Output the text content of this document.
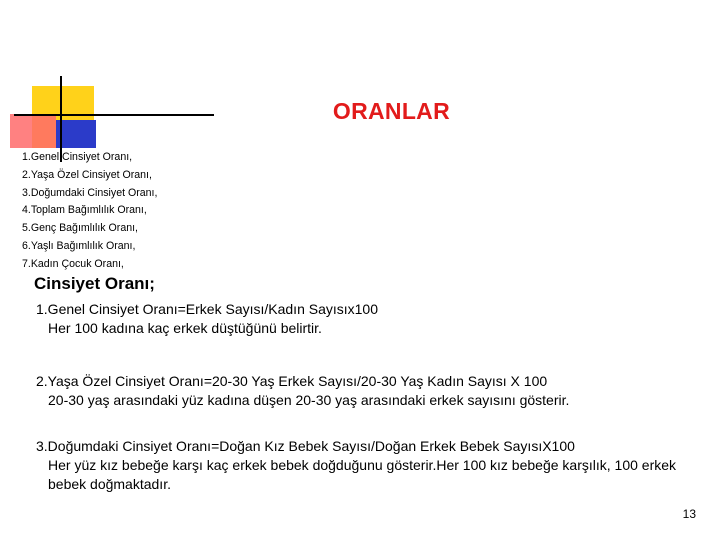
ORANLAR
1.Genel Cinsiyet Oranı,
2.Yaşa Özel Cinsiyet Oranı,
3.Doğumdaki Cinsiyet Oranı,
4.Toplam Bağımlılık Oranı,
5.Genç Bağımlılık Oranı,
6.Yaşlı Bağımlılık Oranı,
7.Kadın Çocuk Oranı,
Cinsiyet Oranı;
1.Genel Cinsiyet Oranı=Erkek Sayısı/Kadın Sayısıx100
Her 100 kadına kaç erkek düştüğünü belirtir.
2.Yaşa Özel Cinsiyet Oranı=20-30 Yaş Erkek Sayısı/20-30 Yaş Kadın Sayısı X 100
20-30 yaş arasındaki yüz kadına düşen 20-30 yaş arasındaki erkek sayısını gösterir.
3.Doğumdaki Cinsiyet Oranı=Doğan Kız Bebek Sayısı/Doğan Erkek Bebek SayısıX100
Her yüz kız bebeğe karşı kaç erkek bebek doğduğunu gösterir.Her 100 kız bebeğe karşılık, 100 erkek bebek doğmaktadır.
13
